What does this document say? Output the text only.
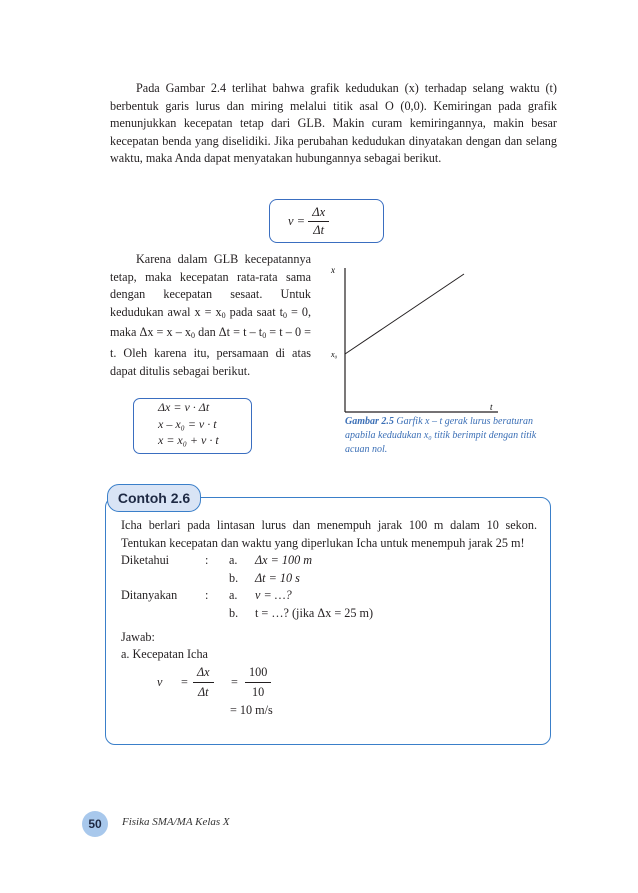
Pada Gambar 2.4 terlihat bahwa grafik kedudukan (x) terhadap selang waktu (t) berbentuk garis lurus dan miring melalui titik asal O (0,0). Kemiringan pada grafik menunjukkan kecepatan tetap dari GLB. Makin curam kemiringannya, makin besar kecepatan benda yang diselidiki. Jika perubahan kedudukan dinyatakan dengan dan selang waktu, maka Anda dapat menyatakan hubungannya sebagai berikut.

$v = \frac{\Delta x}{\Delta t}$

Karena dalam GLB kecepatannya tetap, maka kecepatan rata-rata sama dengan kecepatan sesaat. Untuk kedudukan awal $x = x_0$ pada saat $t_0 = 0$, maka $\Delta x = x - x_0$ dan $\Delta t = t - t_0 = t - 0 = t$. Oleh karena itu, persamaan di atas dapat ditulis sebagai berikut.

Δx = v · Δt
x – x₀ = v · t
x = x₀ + v · t
x
x₀
t
Gambar 2.5 Garfik x – t gerak lurus beraturan apabila kedudukan x₀ titik berimpit dengan titik acuan nol.
Contoh 2.6

Icha berlari pada lintasan lurus dan menempuh jarak 100 m dalam 10 sekon. Tentukan kecepatan dan waktu yang diperlukan Icha untuk menempuh jarak 25 m!

Diketahui	: a. Δx = 100 m
b. Δt = 10 s
Ditanyakan : a. v = …?
b. t = …? (jika Δx = 25 m)
Jawab:
a. Kecepatan Icha
$v = \frac{\Delta x}{\Delta t} = \frac{100}{10}$
= 10 m/s
50	Fisika SMA/MA Kelas X
